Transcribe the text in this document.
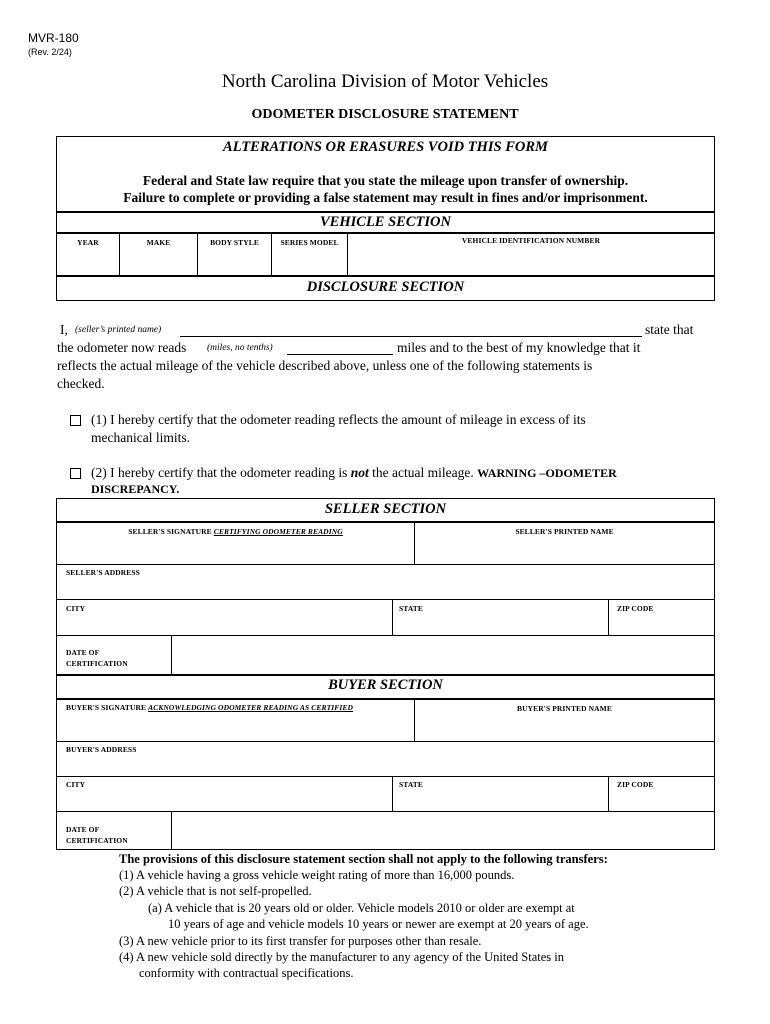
MVR-180
(Rev. 2/24)
North Carolina Division of Motor Vehicles
ODOMETER DISCLOSURE STATEMENT
ALTERATIONS OR ERASURES VOID THIS FORM
Federal and State law require that you state the mileage upon transfer of ownership.
Failure to complete or providing a false statement may result in fines and/or imprisonment.
VEHICLE SECTION
YEAR	MAKE	BODY STYLE	SERIES MODEL	VEHICLE IDENTIFICATION NUMBER
DISCLOSURE SECTION
I, (seller’s printed name)	state that
the odometer now reads (miles, no tenths)	miles and to the best of my knowledge that it
reflects the actual mileage of the vehicle described above, unless one of the following statements is
checked.
(1) I hereby certify that the odometer reading reflects the amount of mileage in excess of its
mechanical limits.
(2) I hereby certify that the odometer reading is not the actual mileage. WARNING –ODOMETER
DISCREPANCY.
SELLER SECTION
SELLER'S SIGNATURE CERTIFYING ODOMETER READING	SELLER'S PRINTED NAME
SELLER'S ADDRESS
CITY	STATE	ZIP CODE
DATE OF
CERTIFICATION
BUYER SECTION
BUYER'S SIGNATURE ACKNOWLEDGING ODOMETER READING AS CERTIFIED	BUYER'S PRINTED NAME
BUYER'S ADDRESS
CITY	STATE	ZIP CODE
DATE OF
CERTIFICATION
The provisions of this disclosure statement section shall not apply to the following transfers:
(1) A vehicle having a gross vehicle weight rating of more than 16,000 pounds.
(2) A vehicle that is not self-propelled.
(a) A vehicle that is 20 years old or older. Vehicle models 2010 or older are exempt at
10 years of age and vehicle models 10 years or newer are exempt at 20 years of age.
(3) A new vehicle prior to its first transfer for purposes other than resale.
(4) A new vehicle sold directly by the manufacturer to any agency of the United States in
conformity with contractual specifications.
